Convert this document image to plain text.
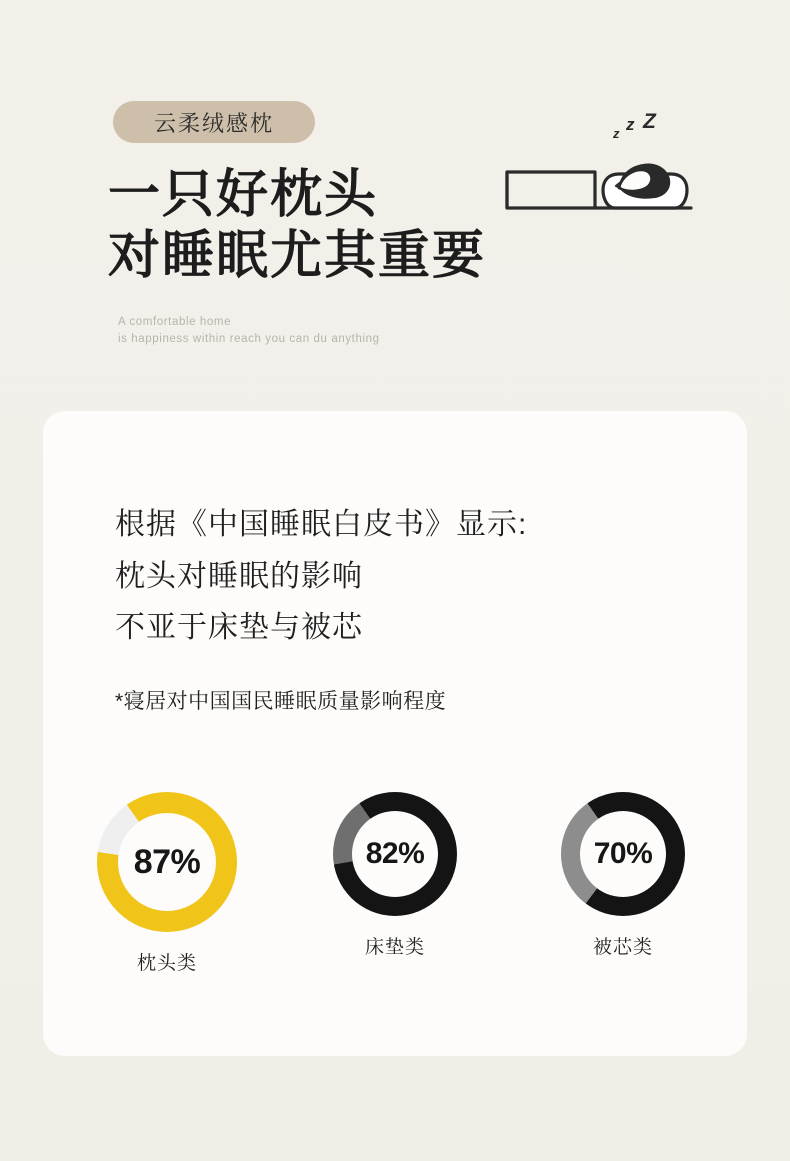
云柔绒感枕
一只好枕头
对睡眠尤其重要
A comfortable home
is happiness within reach you can du anything
z z Z
根据《中国睡眠白皮书》显示:
枕头对睡眠的影响
不亚于床垫与被芯
*寝居对中国国民睡眠质量影响程度
87%
枕头类
82%
床垫类
70%
被芯类
